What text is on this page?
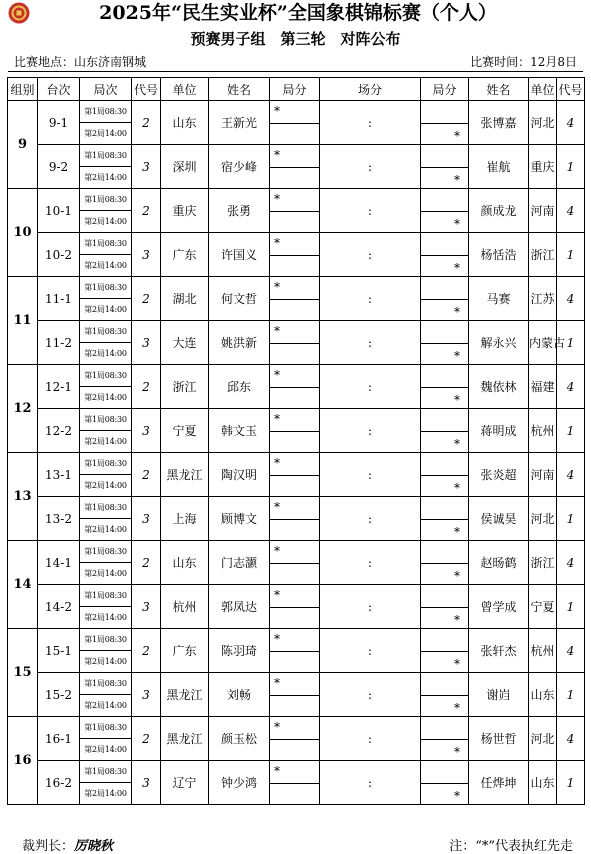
2025年“民生实业杯”全国象棋锦标赛（个人）
预赛男子组　第三轮　对阵公布
比赛地点：山东济南钢城	比赛时间：12月8日
组别	台次	局次	代号	单位	姓名	局分	场分	局分	姓名	单位	代号
9	9-1	第1局08:30	2	山东	王新光	*	:	*	张博嘉	河北	4
		第2局14:00									
	9-2	第1局08:30	3	深圳	宿少峰	*	:	*	崔航	重庆	1
		第2局14:00									
10	10-1	第1局08:30	2	重庆	张勇	*	:	*	颜成龙	河南	4
		第2局14:00									
	10-2	第1局08:30	3	广东	许国义	*	:	*	杨恬浩	浙江	1
		第2局14:00									
11	11-1	第1局08:30	2	湖北	何文哲	*	:	*	马赛	江苏	4
		第2局14:00									
	11-2	第1局08:30	3	大连	姚洪新	*	:	*	解永兴	内蒙古	1
		第2局14:00									
12	12-1	第1局08:30	2	浙江	邱东	*	:	*	魏依林	福建	4
		第2局14:00									
	12-2	第1局08:30	3	宁夏	韩文玉	*	:	*	蒋明成	杭州	1
		第2局14:00									
13	13-1	第1局08:30	2	黑龙江	陶汉明	*	:	*	张炎超	河南	4
		第2局14:00									
	13-2	第1局08:30	3	上海	顾博文	*	:	*	侯诚昊	河北	1
		第2局14:00									
14	14-1	第1局08:30	2	山东	门志灏	*	:	*	赵旸鹤	浙江	4
		第2局14:00									
	14-2	第1局08:30	3	杭州	郭凤达	*	:	*	曾学成	宁夏	1
		第2局14:00									
15	15-1	第1局08:30	2	广东	陈羽琦	*	:	*	张轩杰	杭州	4
		第2局14:00									
	15-2	第1局08:30	3	黑龙江	刘畅	*	:	*	谢岿	山东	1
		第2局14:00									
16	16-1	第1局08:30	2	黑龙江	颜玉松	*	:	*	杨世哲	河北	4
		第2局14:00									
	16-2	第1局08:30	3	辽宁	钟少鸿	*	:	*	任烨坤	山东	1
		第2局14:00									
裁判长：厉晓秋	注：“*”代表执红先走
